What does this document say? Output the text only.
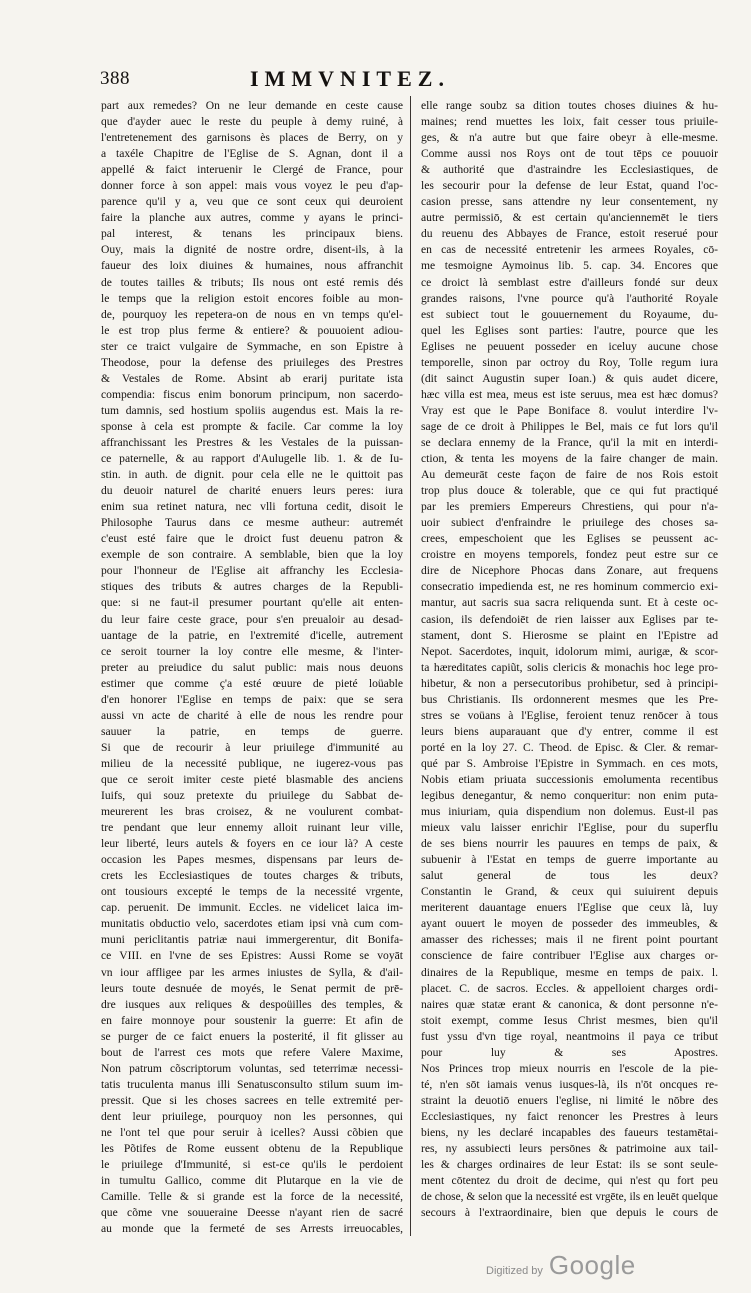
388	IMMVNITEZ.
part aux remedes? On ne leur demande en ceste cause
que d'ayder auec le reste du peuple à demy ruiné, à
l'entretenement des garnisons ès places de Berry, on y
a taxéle Chapitre de l'Eglise de S. Agnan, dont il a
appellé & faict interuenir le Clergé de France, pour
donner force à son appel: mais vous voyez le peu d'ap-
parence qu'il y a, veu que ce sont ceux qui deuroient
faire la planche aux autres, comme y ayans le princi-
pal interest, & tenans les principaux biens.
Ouy, mais la dignité de nostre ordre, disent-ils, à la
faueur des loix diuines & humaines, nous affranchit
de toutes tailles & tributs; Ils nous ont esté remis dés
le temps que la religion estoit encores foible au mon-
de, pourquoy les repetera-on de nous en vn temps qu'el-
le est trop plus ferme & entiere? & pouuoient adiou-
ster ce traict vulgaire de Symmache, en son Epistre à
Theodose, pour la defense des priuileges des Prestres
& Vestales de Rome. Absint ab erarij puritate ista
compendia: fiscus enim bonorum principum, non sacerdo-
tum damnis, sed hostium spoliis augendus est. Mais la re-
sponse à cela est prompte & facile. Car comme la loy
affranchissant les Prestres & les Vestales de la puissan-
ce paternelle, & au rapport d'Aulugelle lib. 1. & de Iu-
stin. in auth. de dignit. pour cela elle ne le quittoit pas
du deuoir naturel de charité enuers leurs peres: iura
enim sua retinet natura, nec vlli fortuna cedit, disoit le
Philosophe Taurus dans ce mesme autheur: autremét
c'eust esté faire que le droict fust deuenu patron &
exemple de son contraire. A semblable, bien que la loy
pour l'honneur de l'Eglise ait affranchy les Ecclesia-
stiques des tributs & autres charges de la Republi-
que: si ne faut-il presumer pourtant qu'elle ait enten-
du leur faire ceste grace, pour s'en preualoir au desad-
uantage de la patrie, en l'extremité d'icelle, autrement
ce seroit tourner la loy contre elle mesme, & l'inter-
preter au preiudice du salut public: mais nous deuons
estimer que comme ç'a esté œuure de pieté loüable
d'en honorer l'Eglise en temps de paix: que se sera
aussi vn acte de charité à elle de nous les rendre pour
sauuer la patrie, en temps de guerre.
Si que de recourir à leur priuilege d'immunité au
milieu de la necessité publique, ne iugerez-vous pas
que ce seroit imiter ceste pieté blasmable des anciens
Iuifs, qui souz pretexte du priuilege du Sabbat de-
meurerent les bras croisez, & ne voulurent combat-
tre pendant que leur ennemy alloit ruinant leur ville,
leur liberté, leurs autels & foyers en ce iour là? A ceste
occasion les Papes mesmes, dispensans par leurs de-
crets les Ecclesiastiques de toutes charges & tributs,
ont tousiours excepté le temps de la necessité vrgente,
cap. peruenit. De immunit. Eccles. ne videlicet laica im-
munitatis obductio velo, sacerdotes etiam ipsi vnà cum com-
muni periclitantis patriæ naui immergerentur, dit Bonifa-
ce VIII. en l'vne de ses Epistres: Aussi Rome se voyāt
vn iour affligee par les armes iniustes de Sylla, & d'ail-
leurs toute desnuée de moyés, le Senat permit de prē-
dre iusques aux reliques & despoüilles des temples, &
en faire monnoye pour soustenir la guerre: Et afin de
se purger de ce faict enuers la posterité, il fit glisser au
bout de l'arrest ces mots que refere Valere Maxime,
Non patrum cõscriptorum voluntas, sed teterrimæ necessi-
tatis truculenta manus illi Senatusconsulto stilum suum im-
pressit. Que si les choses sacrees en telle extremité per-
dent leur priuilege, pourquoy non les personnes, qui
ne l'ont tel que pour seruir à icelles? Aussi cõbien que
les Põtifes de Rome eussent obtenu de la Republique
le priuilege d'Immunité, si est-ce qu'ils le perdoient
in tumultu Gallico, comme dit Plutarque en la vie de
Camille. Telle & si grande est la force de la necessité,
que cõme vne souueraine Deesse n'ayant rien de sacré
au monde que la fermeté de ses Arrests irreuocables,
elle range soubz sa dition toutes choses diuines & hu-
maines; rend muettes les loix, fait cesser tous priuile-
ges, & n'a autre but que faire obeyr à elle-mesme.
Comme aussi nos Roys ont de tout tēps ce pouuoir
& authorité que d'astraindre les Ecclesiastiques, de
les secourir pour la defense de leur Estat, quand l'oc-
casion presse, sans attendre ny leur consentement, ny
autre permissiō, & est certain qu'anciennemēt le tiers
du reuenu des Abbayes de France, estoit reserué pour
en cas de necessité entretenir les armees Royales, cō-
me tesmoigne Aymoinus lib. 5. cap. 34. Encores que
ce droict là semblast estre d'ailleurs fondé sur deux
grandes raisons, l'vne pource qu'à l'authorité Royale
est subiect tout le gouuernement du Royaume, du-
quel les Eglises sont parties: l'autre, pource que les
Eglises ne peuuent posseder en iceluy aucune chose
temporelle, sinon par octroy du Roy, Tolle regum iura
(dit sainct Augustin super Ioan.) & quis audet dicere,
hæc villa est mea, meus est iste seruus, mea est hæc domus?
Vray est que le Pape Boniface 8. voulut interdire l'v-
sage de ce droit à Philippes le Bel, mais ce fut lors qu'il
se declara ennemy de la France, qu'il la mit en interdi-
ction, & tenta les moyens de la faire changer de main.
Au demeurāt ceste façon de faire de nos Rois estoit
trop plus douce & tolerable, que ce qui fut practiqué
par les premiers Empereurs Chrestiens, qui pour n'a-
uoir subiect d'enfraindre le priuilege des choses sa-
crees, empeschoient que les Eglises se peussent ac-
croistre en moyens temporels, fondez peut estre sur ce
dire de Nicephore Phocas dans Zonare, aut frequens
consecratio impedienda est, ne res hominum commercio exi-
mantur, aut sacris sua sacra reliquenda sunt. Et à ceste oc-
casion, ils defendoiēt de rien laisser aux Eglises par te-
stament, dont S. Hierosme se plaint en l'Epistre ad
Nepot. Sacerdotes, inquit, idolorum mimi, aurigæ, & scor-
ta hæreditates capiũt, solis clericis & monachis hoc lege pro-
hibetur, & non a persecutoribus prohibetur, sed à principi-
bus Christianis. Ils ordonnerent mesmes que les Pre-
stres se voüans à l'Eglise, feroient tenuz renōcer à tous
leurs biens auparauant que d'y entrer, comme il est
porté en la loy 27. C. Theod. de Episc. & Cler. & remar-
qué par S. Ambroise l'Epistre in Symmach. en ces mots,
Nobis etiam priuata successionis emolumenta recentibus
legibus denegantur, & nemo conqueritur: non enim puta-
mus iniuriam, quia dispendium non dolemus. Eust-il pas
mieux valu laisser enrichir l'Eglise, pour du superflu
de ses biens nourrir les pauures en temps de paix, &
subuenir à l'Estat en temps de guerre importante au
salut general de tous les deux?
Constantin le Grand, & ceux qui suiuirent depuis
meriterent dauantage enuers l'Eglise que ceux là, luy
ayant ouuert le moyen de posseder des immeubles, &
amasser des richesses; mais il ne firent point pourtant
conscience de faire contribuer l'Eglise aux charges or-
dinaires de la Republique, mesme en temps de paix. l.
placet. C. de sacros. Eccles. & appelloient charges ordi-
naires quæ statæ erant & canonica, & dont personne n'e-
stoit exempt, comme Iesus Christ mesmes, bien qu'il
fust yssu d'vn tige royal, neantmoins il paya ce tribut
pour luy & ses Apostres.
Nos Princes trop mieux nourris en l'escole de la pie-
té, n'en sōt iamais venus iusques-là, ils n'ōt oncques re-
straint la deuotiō enuers l'eglise, ni limité le nōbre des
Ecclesiastiques, ny faict renoncer les Prestres à leurs
biens, ny les declaré incapables des faueurs testamētai-
res, ny assubiecti leurs persōnes & patrimoine aux tail-
les & charges ordinaires de leur Estat: ils se sont seule-
ment cōtentez du droit de decime, qui n'est qu fort peu
de chose, & selon que la necessité est vrgēte, ils en leuēt quelque
secours à l'extraordinaire, bien que depuis le cours de
Digitized by Google
